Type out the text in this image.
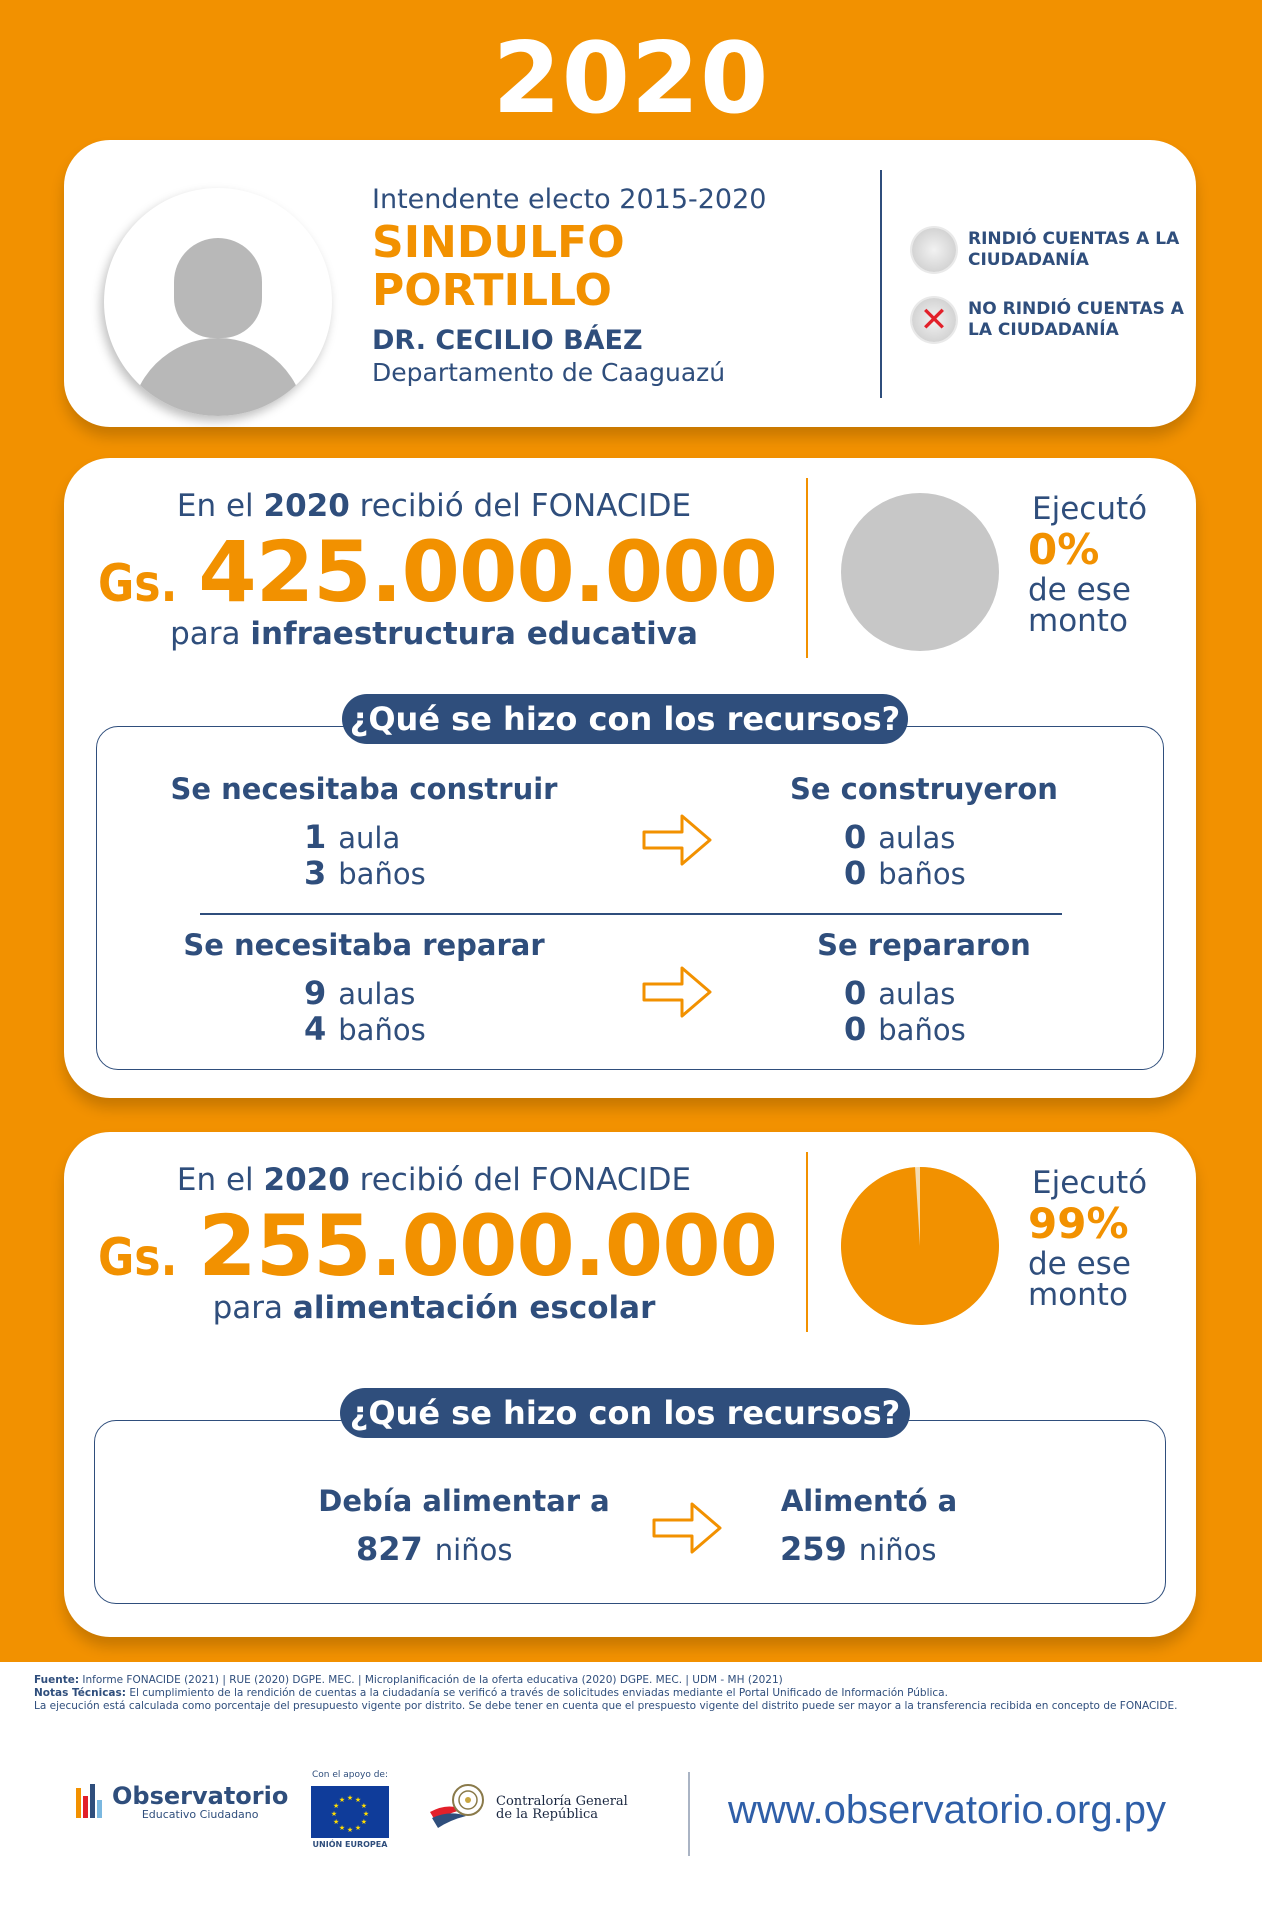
2020
Intendente electo 2015-2020
SINDULFO
PORTILLO
DR. CECILIO BÁEZ
Departamento de Caaguazú
RINDIÓ CUENTAS A LA CIUDADANÍA
✕ NO RINDIÓ CUENTAS A LA CIUDADANÍA
En el 2020 recibió del FONACIDE
Gs. 425.000.000
para infraestructura educativa
Ejecutó
0%
de ese
monto
¿Qué se hizo con los recursos?
Se necesitaba construir
1 aula
3 baños
Se construyeron
0 aulas
0 baños
Se necesitaba reparar
9 aulas
4 baños
Se repararon
0 aulas
0 baños
En el 2020 recibió del FONACIDE
Gs. 255.000.000
para alimentación escolar
Ejecutó
99%
de ese
monto
¿Qué se hizo con los recursos?
Debía alimentar a
827 niños
Alimentó a
259 niños
Fuente: Informe FONACIDE (2021) | RUE (2020) DGPE. MEC. | Microplanificación de la oferta educativa (2020) DGPE. MEC. | UDM - MH (2021)
Notas Técnicas: El cumplimiento de la rendición de cuentas a la ciudadanía se verificó a través de solicitudes enviadas mediante el Portal Unificado de Información Pública.
La ejecución está calculada como porcentaje del presupuesto vigente por distrito. Se debe tener en cuenta que el prespuesto vigente del distrito puede ser mayor a la transferencia recibida en concepto de FONACIDE.
Observatorio
Educativo Ciudadano
Con el apoyo de:
★ ★
★
★
★
★
★
★
★
★
★
★
UNIÓN EUROPEA
Contraloría General
de la República	www.observatorio.org.py
